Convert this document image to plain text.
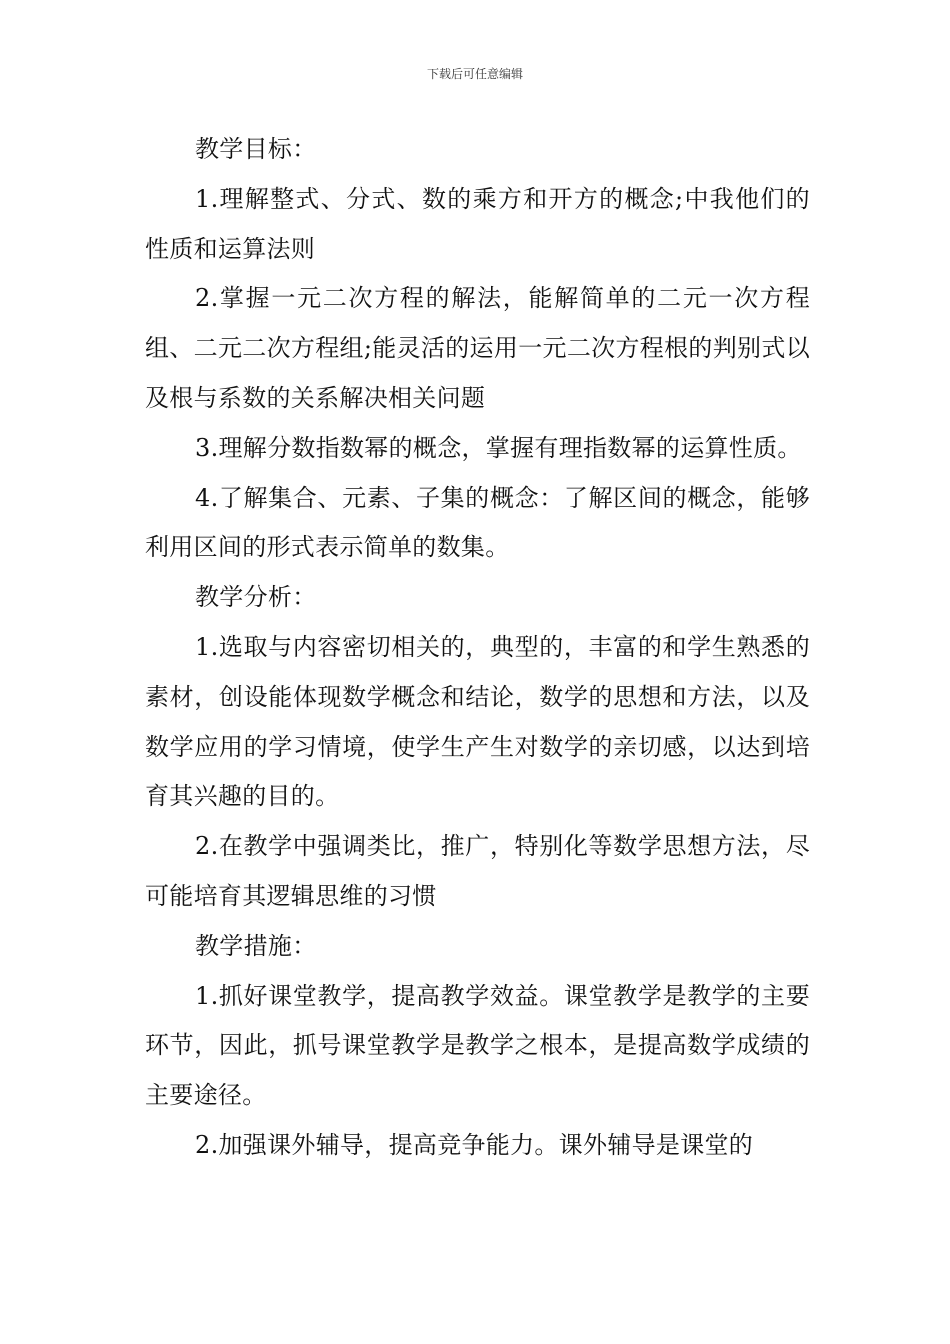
下载后可任意编辑

教学目标：

1.理解整式、分式、数的乘方和开方的概念;中我他们的性质和运算法则

2.掌握一元二次方程的解法，能解简单的二元一次方程组、二元二次方程组;能灵活的运用一元二次方程根的判别式以及根与系数的关系解决相关问题

3.理解分数指数幂的概念，掌握有理指数幂的运算性质。

4.了解集合、元素、子集的概念：了解区间的概念，能够利用区间的形式表示简单的数集。

教学分析：

1.选取与内容密切相关的，典型的，丰富的和学生熟悉的素材，创设能体现数学概念和结论，数学的思想和方法，以及数学应用的学习情境，使学生产生对数学的亲切感，以达到培育其兴趣的目的。

2.在教学中强调类比，推广，特别化等数学思想方法，尽可能培育其逻辑思维的习惯

教学措施：

1.抓好课堂教学，提高教学效益。课堂教学是教学的主要环节，因此，抓号课堂教学是教学之根本，是提高数学成绩的主要途径。

2.加强课外辅导，提高竞争能力。课外辅导是课堂的
